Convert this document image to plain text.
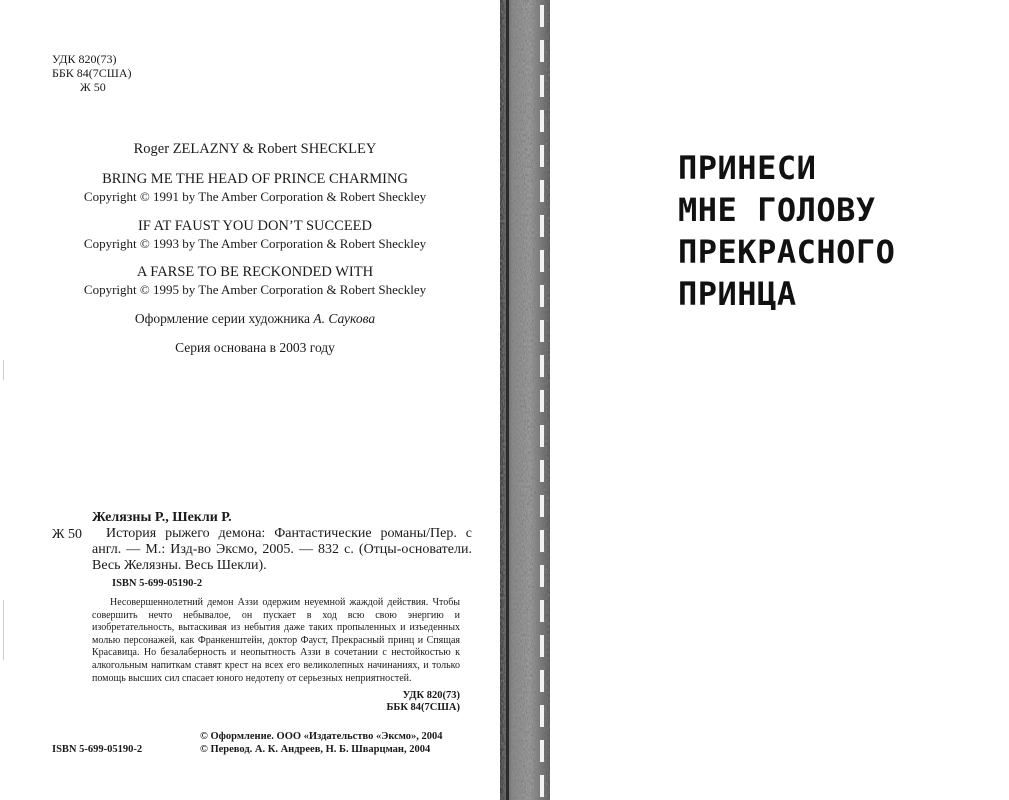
УДК 820(73)
ББК 84(7США)
Ж 50
Roger ZELAZNY & Robert SHECKLEY
BRING ME THE HEAD OF PRINCE CHARMING
Copyright © 1991 by The Amber Corporation & Robert Sheckley
IF AT FAUST YOU DON’T SUCCEED
Copyright © 1993 by The Amber Corporation & Robert Sheckley
A FARSE TO BE RECKONDED WITH
Copyright © 1995 by The Amber Corporation & Robert Sheckley
Оформление серии художника А. Саукова
Серия основана в 2003 году
Ж 50
Желязны Р., Шекли Р.
История рыжего демона: Фантастические романы/Пер. с англ. — М.: Изд-во Эксмо, 2005. — 832 с. (Отцы-основатели. Весь Желязны. Весь Шекли).
ISBN 5-699-05190-2
Несовершеннолетний демон Аззи одержим неуемной жаждой действия. Чтобы совершить нечто небывалое, он пускает в ход всю свою энергию и изобретательность, вытаскивая из небытия даже таких пропыленных и изъеденных молью персонажей, как Франкенштейн, доктор Фауст, Прекрасный принц и Спящая Красавица. Но безалаберность и неопытность Аззи в сочетании с нестойкостью к алкогольным напиткам ставят крест на всех его великолепных начинаниях, и только помощь высших сил спасает юного недотепу от серьезных неприятностей.
УДК 820(73)
ББК 84(7США)
ISBN 5-699-05190-2
© Оформление. ООО «Издательство «Эксмо», 2004
© Перевод. А. К. Андреев, Н. Б. Шварцман, 2004
ПРИНЕСИ
МНЕ ГОЛОВУ
ПРЕКРАСНОГО
ПРИНЦА
